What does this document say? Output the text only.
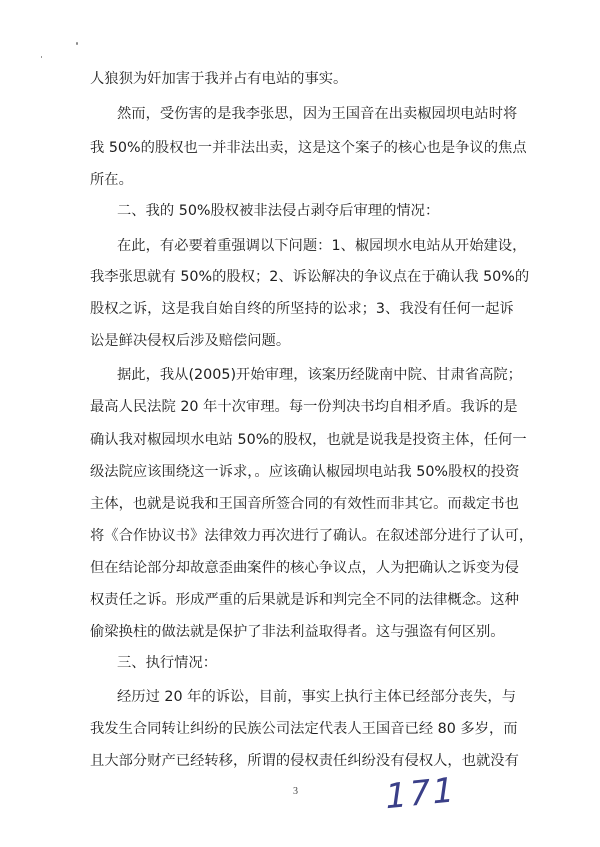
人狼狈为奸加害于我并占有电站的事实。
然而，受伤害的是我李张思，因为王国音在出卖椒园坝电站时将
我 50%的股权也一并非法出卖，这是这个案子的核心也是争议的焦点
所在。
二、我的 50%股权被非法侵占剥夺后审理的情况：
在此，有必要着重强调以下问题：1、椒园坝水电站从开始建设，
我李张思就有 50%的股权；2、诉讼解决的争议点在于确认我 50%的
股权之诉，这是我自始自终的所坚持的讼求；3、我没有任何一起诉
讼是鲜决侵权后涉及赔偿问题。
据此，我从(2005)开始审理，该案历经陇南中院、甘肃省高院；
最高人民法院 20 年十次审理。每一份判决书均自相矛盾。我诉的是
确认我对椒园坝水电站 50%的股权，也就是说我是投资主体，任何一
级法院应该围绕这一诉求，。应该确认椒园坝电站我 50%股权的投资
主体，也就是说我和王国音所签合同的有效性而非其它。而裁定书也
将《合作协议书》法律效力再次进行了确认。在叙述部分进行了认可，
但在结论部分却故意歪曲案件的核心争议点，人为把确认之诉变为侵
权责任之诉。形成严重的后果就是诉和判完全不同的法律概念。这种
偷梁换柱的做法就是保护了非法利益取得者。这与强盗有何区别。
三、执行情况：
经历过 20 年的诉讼，目前，事实上执行主体已经部分丧失，与
我发生合同转让纠纷的民族公司法定代表人王国音已经 80 多岁，而
且大部分财产已经转移，所谓的侵权责任纠纷没有侵权人，也就没有
3 171
